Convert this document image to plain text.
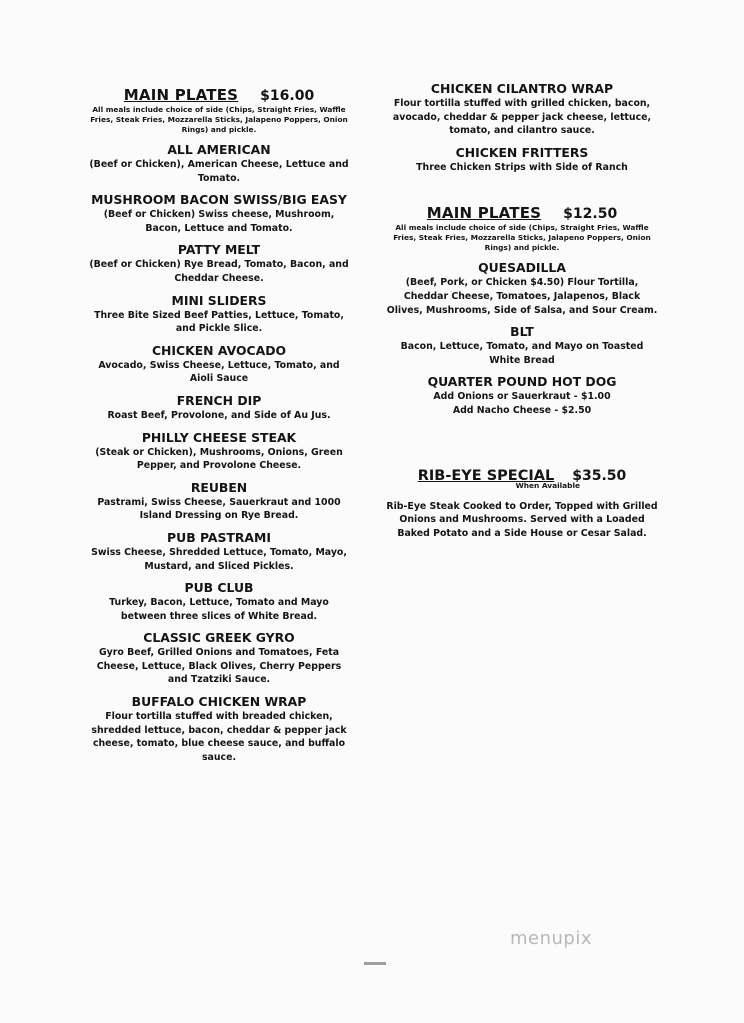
MAIN PLATES $16.00
All meals include choice of side (Chips, Straight Fries, Waffle Fries, Steak Fries, Mozzarella Sticks, Jalapeno Poppers, Onion Rings) and pickle.
ALL AMERICAN
(Beef or Chicken), American Cheese, Lettuce and Tomato.
MUSHROOM BACON SWISS/BIG EASY
(Beef or Chicken) Swiss cheese, Mushroom, Bacon, Lettuce and Tomato.
PATTY MELT
(Beef or Chicken) Rye Bread, Tomato, Bacon, and Cheddar Cheese.
MINI SLIDERS
Three Bite Sized Beef Patties, Lettuce, Tomato, and Pickle Slice.
CHICKEN AVOCADO
Avocado, Swiss Cheese, Lettuce, Tomato, and Aioli Sauce
FRENCH DIP
Roast Beef, Provolone, and Side of Au Jus.
PHILLY CHEESE STEAK
(Steak or Chicken), Mushrooms, Onions, Green Pepper, and Provolone Cheese.
REUBEN
Pastrami, Swiss Cheese, Sauerkraut and 1000 Island Dressing on Rye Bread.
PUB PASTRAMI
Swiss Cheese, Shredded Lettuce, Tomato, Mayo, Mustard, and Sliced Pickles.
PUB CLUB
Turkey, Bacon, Lettuce, Tomato and Mayo between three slices of White Bread.
CLASSIC GREEK GYRO
Gyro Beef, Grilled Onions and Tomatoes, Feta Cheese, Lettuce, Black Olives, Cherry Peppers and Tzatziki Sauce.
BUFFALO CHICKEN WRAP
Flour tortilla stuffed with breaded chicken, shredded lettuce, bacon, cheddar & pepper jack cheese, tomato, blue cheese sauce, and buffalo sauce.
CHICKEN CILANTRO WRAP
Flour tortilla stuffed with grilled chicken, bacon, avocado, cheddar & pepper jack cheese, lettuce, tomato, and cilantro sauce.
CHICKEN FRITTERS
Three Chicken Strips with Side of Ranch
MAIN PLATES $12.50
All meals include choice of side (Chips, Straight Fries, Waffle Fries, Steak Fries, Mozzarella Sticks, Jalapeno Poppers, Onion Rings) and pickle.
QUESADILLA
(Beef, Pork, or Chicken $4.50) Flour Tortilla, Cheddar Cheese, Tomatoes, Jalapenos, Black Olives, Mushrooms, Side of Salsa, and Sour Cream.
BLT
Bacon, Lettuce, Tomato, and Mayo on Toasted White Bread
QUARTER POUND HOT DOG
Add Onions or Sauerkraut - $1.00
Add Nacho Cheese - $2.50
RIB-EYE SPECIAL $35.50
When Available
Rib-Eye Steak Cooked to Order, Topped with Grilled Onions and Mushrooms. Served with a Loaded Baked Potato and a Side House or Cesar Salad.
menupix
